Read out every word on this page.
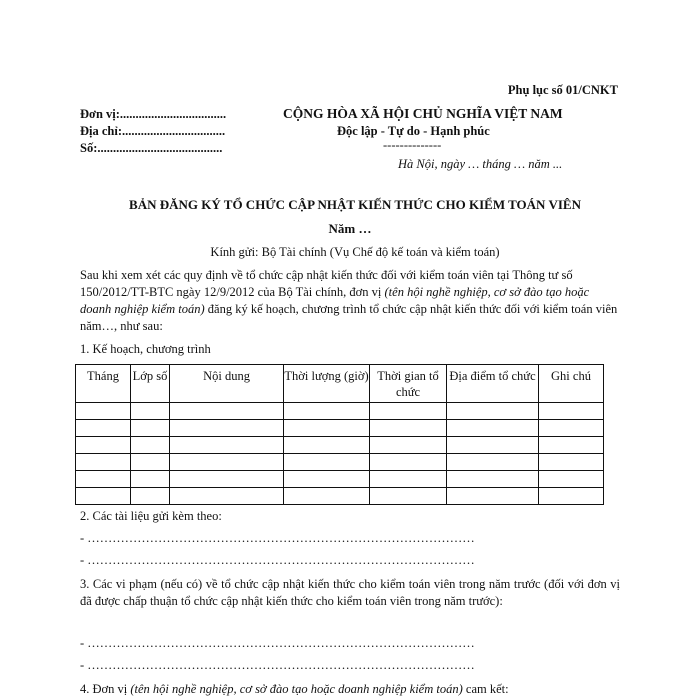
Phụ lục số 01/CNKT
Đơn vị:..................................
Địa chỉ:.................................
Số:........................................
CỘNG HÒA XÃ HỘI CHỦ NGHĨA VIỆT NAM
Độc lập - Tự do - Hạnh phúc
--------------
Hà Nội, ngày … tháng … năm ...
BẢN ĐĂNG KÝ TỔ CHỨC CẬP NHẬT KIẾN THỨC CHO KIỂM TOÁN VIÊN
Năm …
Kính gửi: Bộ Tài chính (Vụ Chế độ kế toán và kiểm toán)
Sau khi xem xét các quy định về tổ chức cập nhật kiến thức đối với kiểm toán viên tại Thông tư số 150/2012/TT-BTC ngày 12/9/2012 của Bộ Tài chính, đơn vị (tên hội nghề nghiệp, cơ sở đào tạo hoặc doanh nghiệp kiểm toán) đăng ký kế hoạch, chương trình tổ chức cập nhật kiến thức đối với kiểm toán viên năm…, như sau:
1. Kế hoạch, chương trình
Tháng	Lớp số	Nội dung	Thời lượng (giờ)	Thời gian tổ chức	Địa điểm tổ chức	Ghi chú

2. Các tài liệu gửi kèm theo:
- …………………………………………………………………………………
- …………………………………………………………………………………
3. Các vi phạm (nếu có) về tổ chức cập nhật kiến thức cho kiểm toán viên trong năm trước (đối với đơn vị đã được chấp thuận tổ chức cập nhật kiến thức cho kiểm toán viên trong năm trước):
- …………………………………………………………………………………
- …………………………………………………………………………………
4. Đơn vị (tên hội nghề nghiệp, cơ sở đào tạo hoặc doanh nghiệp kiểm toán) cam kết:
